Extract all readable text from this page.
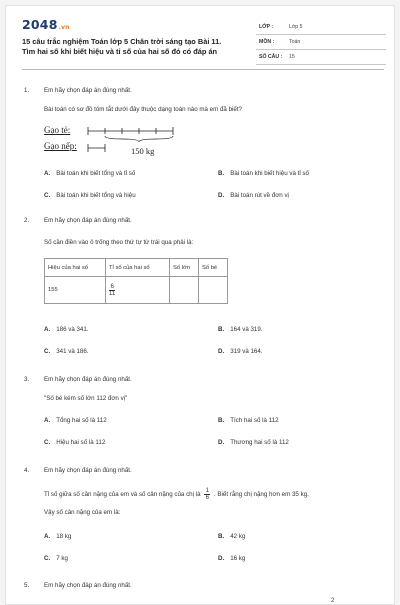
2048.vn
15 câu trắc nghiệm Toán lớp 5 Chân trời sáng tạo Bài 11.
Tìm hai số khi biết hiệu và tỉ số của hai số đó có đáp án
LỚP :	Lớp 5
MÔN :	Toán
SỐ CÂU : 15
1. Em hãy chọn đáp án đúng nhất.
Bài toán có sơ đồ tóm tắt dưới đây thuộc dạng toán nào mà em đã biết?
Gạo tẻ:
Gạo nếp:	150 kg
A. Bài toán khi biết tổng và tỉ số	B. Bài toán khi biết hiệu và tỉ số
C. Bài toán khi biết tổng và hiệu	D. Bài toán rút về đơn vị
2. Em hãy chọn đáp án đúng nhất.
Số cần điền vào ô trống theo thứ tự từ trái qua phải là:
Hiệu của hai số	Tỉ số của hai số	Số lớn	Số bé
155	$\frac{6}{11}$

A. 186 và 341.	B. 164 và 319.
C. 341 và 186.	D. 319 và 164.
3. Em hãy chọn đáp án đúng nhất.
"Số bé kém số lớn 112 đơn vị"
A. Tổng hai số là 112	B. Tích hai số là 112
C. Hiệu hai số là 112	D. Thương hai số là 112
4. Em hãy chọn đáp án đúng nhất.
Tỉ số giữa số cân nặng của em và số cân nặng của chị là $\frac{1}{6}$ . Biết rằng chị nặng hơn em 35 kg.
Vậy số cân nặng của em là:
A. 18 kg	B. 42 kg
C. 7 kg	D. 16 kg
5. Em hãy chọn đáp án đúng nhất.
2
